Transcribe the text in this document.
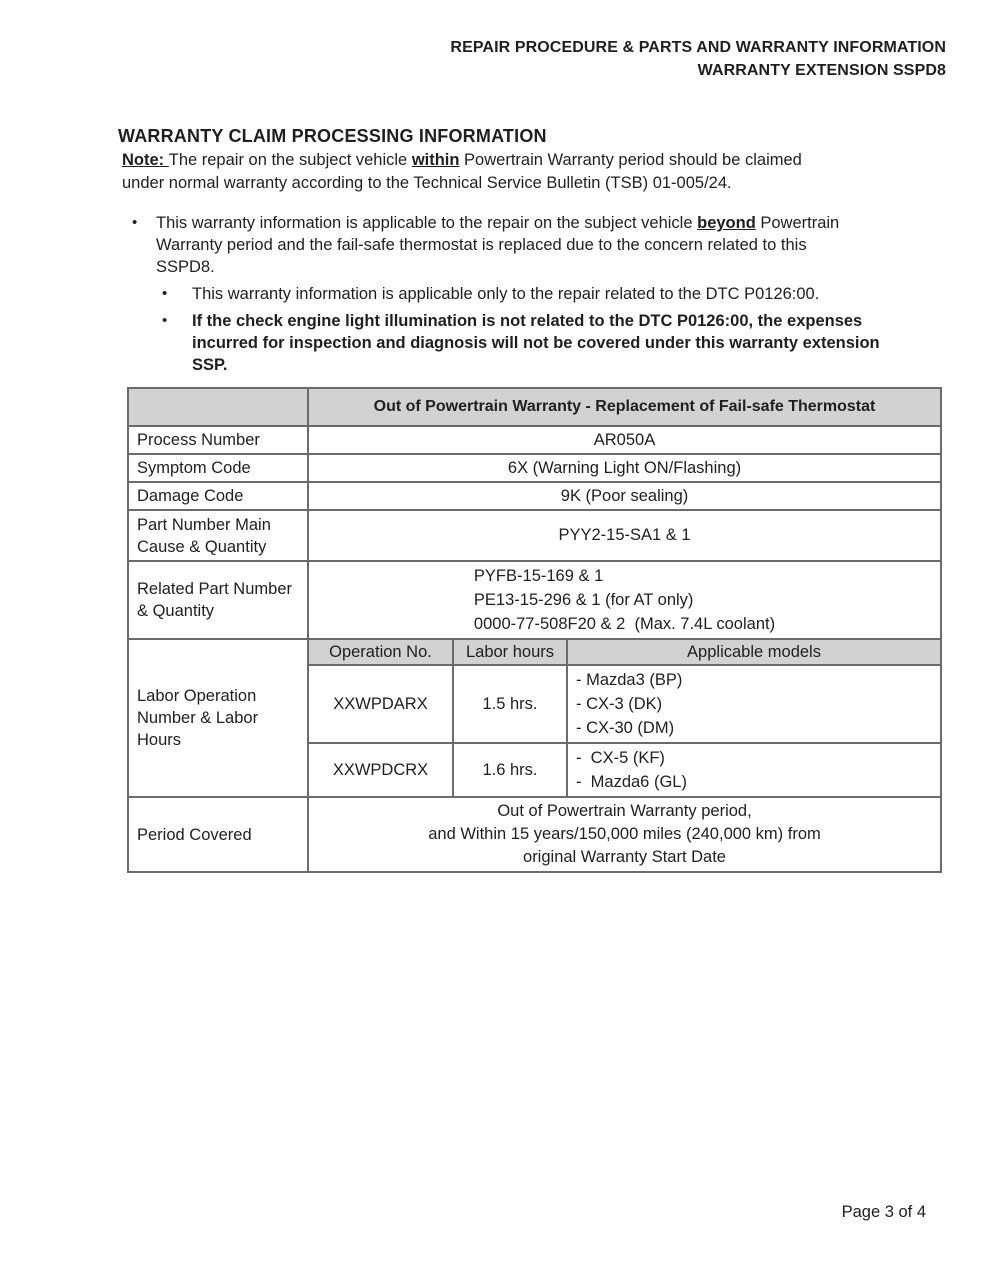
REPAIR PROCEDURE & PARTS AND WARRANTY INFORMATION
WARRANTY EXTENSION SSPD8
WARRANTY CLAIM PROCESSING INFORMATION
Note: The repair on the subject vehicle within Powertrain Warranty period should be claimed
under normal warranty according to the Technical Service Bulletin (TSB) 01-005/24.
•	This warranty information is applicable to the repair on the subject vehicle beyond Powertrain
Warranty period and the fail-safe thermostat is replaced due to the concern related to this
SSPD8.
•	This warranty information is applicable only to the repair related to the DTC P0126:00.
•	If the check engine light illumination is not related to the DTC P0126:00, the expenses
incurred for inspection and diagnosis will not be covered under this warranty extension
SSP.
	Out of Powertrain Warranty - Replacement of Fail-safe Thermostat		
Process Number	AR050A		
Symptom Code	6X (Warning Light ON/Flashing)		
Damage Code	9K (Poor sealing)		
Part Number Main Cause & Quantity	PYY2-15-SA1 & 1		
Related Part Number & Quantity	PYFB-15-169 & 1
PE13-15-296 & 1 (for AT only)
0000-77-508F20 & 2  (Max. 7.4L coolant)		

Labor Operation Number & Labor Hours	Operation No.	Labor hours	Applicable models
	XXWPDARX	1.5 hrs.	- Mazda3 (BP)
- CX-3 (DK)
- CX-30 (DM)

	XXWPDCRX	1.6 hrs.	-  CX-5 (KF)
-  Mazda6 (GL)

Period Covered	Out of Powertrain Warranty period,
and Within 15 years/150,000 miles (240,000 km) from
original Warranty Start Date		
Page 3 of 4
